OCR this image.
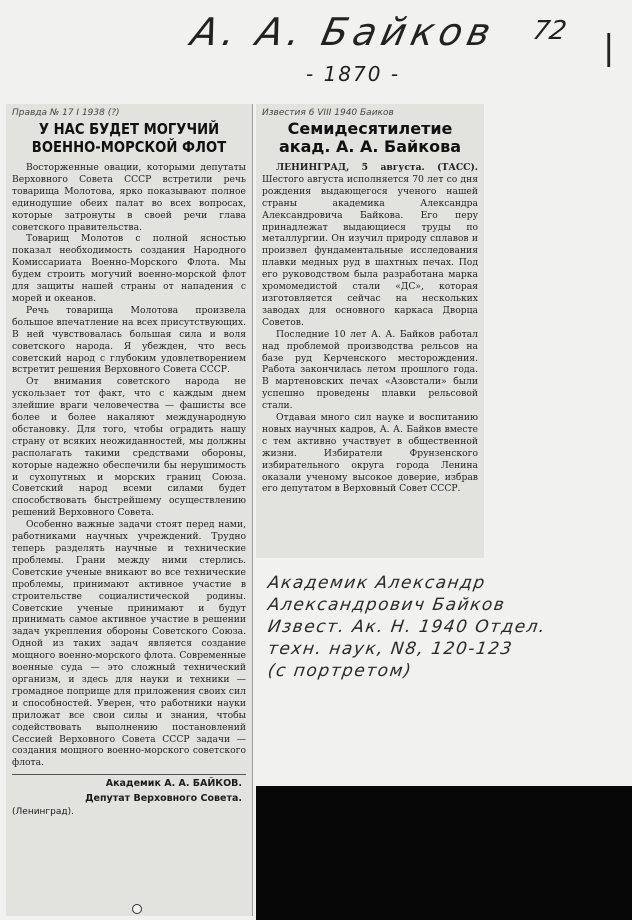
А. А. Байков 72 |
- 1870 -
Правда № 17 I 1938 (?)
У НАС БУДЕТ МОГУЧИЙ ВОЕННО-МОРСКОЙ ФЛОТ

Восторженные овации, которыми депутаты Верховного Совета СССР встретили речь товарища Молотова, ярко показывают полное единодушие обеих палат во всех вопросах, которые затронуты в своей речи глава советского правительства.

Товарищ Молотов с полной ясностью показал необходимость создания Народного Комиссариата Военно-Морского Флота. Мы будем строить могучий военно-морской флот для защиты нашей страны от нападения с морей и океанов.

Речь товарища Молотова произвела большое впечатление на всех присутствующих. В ней чувствовалась большая сила и воля советского народа. Я убежден, что весь советский народ с глубоким удовлетворением встретит решения Верховного Совета СССР.

От внимания советского народа не ускользает тот факт, что с каждым днем злейшие враги человечества — фашисты все более и более накаляют международную обстановку. Для того, чтобы оградить нашу страну от всяких неожиданностей, мы должны располагать такими средствами обороны, которые надежно обеспечили бы нерушимость и сухопутных и морских границ Союза. Советский народ всеми силами будет способствовать быстрейшему осуществлению решений Верховного Совета.

Особенно важные задачи стоят перед нами, работниками научных учреждений. Трудно теперь разделять научные и технические проблемы. Грани между ними стерлись. Советские ученые вникают во все технические проблемы, принимают активное участие в строительстве социалистической родины. Советские ученые принимают и будут принимать самое активное участие в решении задач укрепления обороны Советского Союза. Одной из таких задач является создание мощного военно-морского флота. Современные военные суда — это сложный технический организм, и здесь для науки и техники — громадное поприще для приложения своих сил и способностей. Уверен, что работники науки приложат все свои силы и знания, чтобы содействовать выполнению постановлений Сессией Верховного Совета СССР задачи — создания мощного военно-морского советского флота.

Академик А. А. БАЙКОВ.
Депутат Верховного Совета.
(Ленинград).
Известия 6 VIII 1940 Баиков
Семидесятилетие акад. А. А. Байкова

ЛЕНИНГРАД, 5 августа. (ТАСС). Шестого августа исполняется 70 лет со дня рождения выдающегося ученого нашей страны академика Александра Александровича Байкова. Его перу принадлежат выдающиеся труды по металлургии. Он изучил природу сплавов и произвел фундаментальные исследования плавки медных руд в шахтных печах. Под его руководством была разработана марка хромомедистой стали «ДС», которая изготовляется сейчас на нескольких заводах для основного каркаса Дворца Советов.

Последние 10 лет А. А. Байков работал над проблемой производства рельсов на базе руд Керченского месторождения. Работа закончилась летом прошлого года. В мартеновских печах «Азовстали» были успешно проведены плавки рельсовой стали.

Отдавая много сил науке и воспитанию новых научных кадров, А. А. Байков вместе с тем активно участвует в общественной жизни. Избиратели Фрунзенского избирательного округа города Ленина оказали ученому высокое доверие, избрав его депутатом в Верховный Совет СССР.

Академик Александр
Александрович Байков
Извест. Ак. Н. 1940 Отдел.
техн. наук, N8, 120-123
(с портретом)
